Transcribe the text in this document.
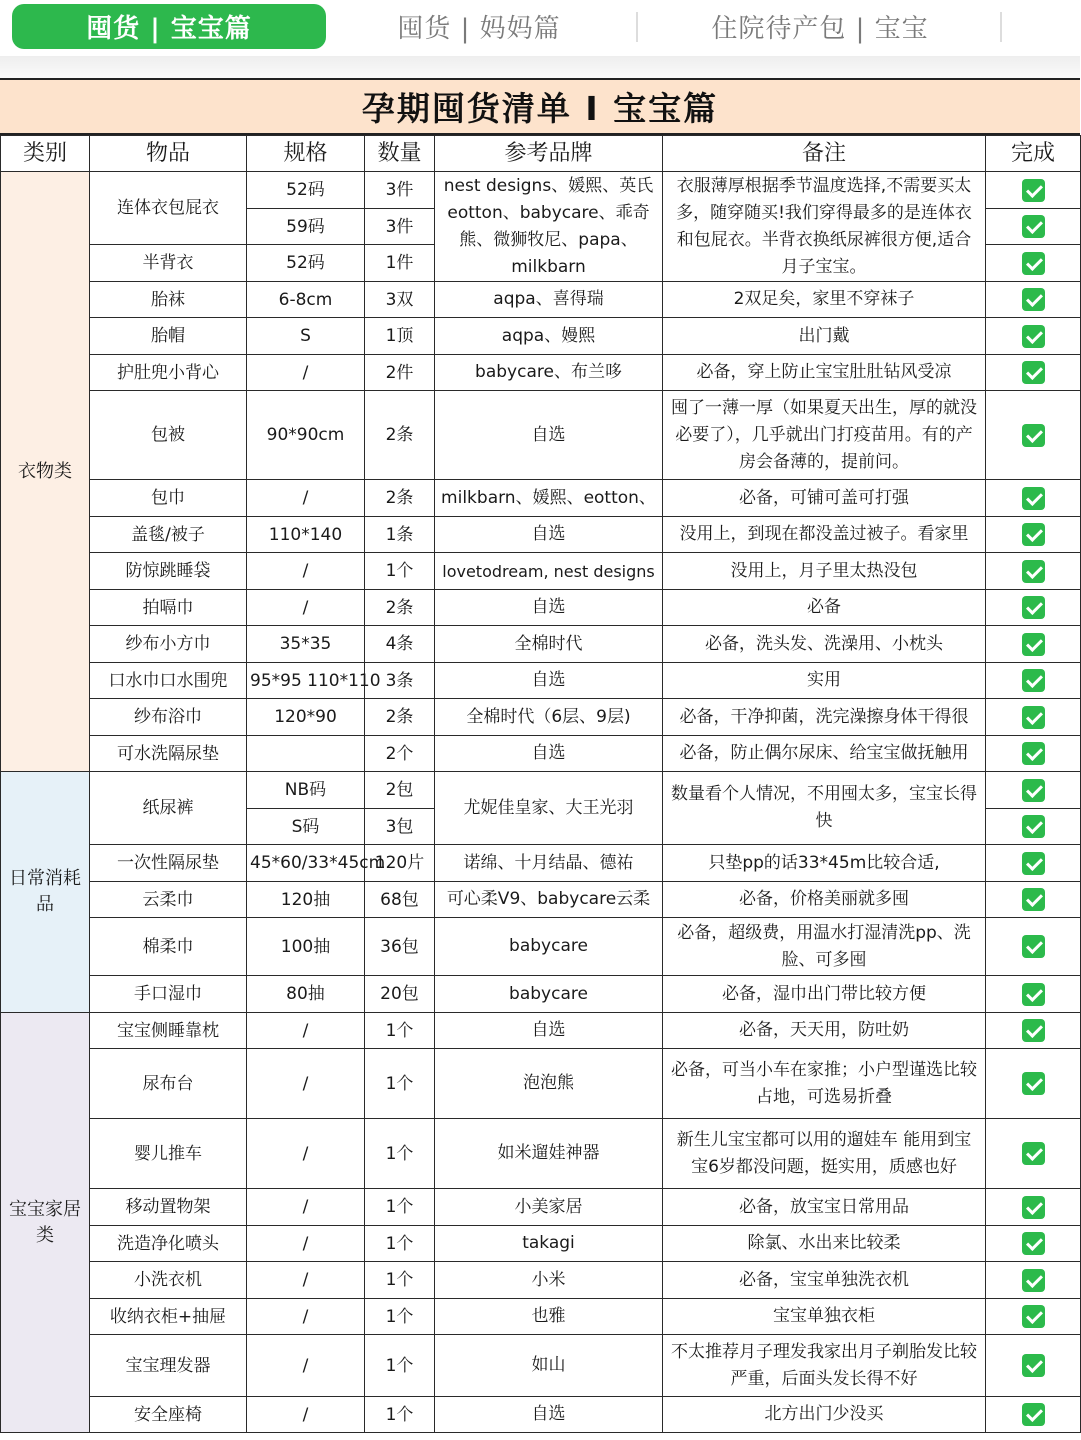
囤货 | 宝宝篇	囤货 | 妈妈篇	住院待产包 | 宝宝
孕期囤货清单 I 宝宝篇
类别	物品	规格	数量	参考品牌	备注	完成
衣物类	连体衣包屁衣	52码	3件	nest designs、媛熙、英氏eotton、babycare、乖奇熊、微狮牧尼、papa、milkbarn	衣服薄厚根据季节温度选择,不需要买太多，随穿随买!我们穿得最多的是连体衣和包屁衣。半背衣换纸尿裤很方便,适合月子宝宝。	
		59码	3件			
	半背衣	52码	1件			
	胎袜	6-8cm	3双	aqpa、喜得瑞	2双足矣，家里不穿袜子	
	胎帽	S	1顶	aqpa、嫚熙	出门戴	
	护肚兜小背心	/	2件	babycare、布兰哆	必备，穿上防止宝宝肚肚钻风受凉	
	包被	90*90cm	2条	自选	囤了一薄一厚（如果夏天出生，厚的就没必要了），几乎就出门打疫苗用。有的产房会备薄的，提前问。	
	包巾	/	2条	milkbarn、媛熙、eotton、	必备，可铺可盖可打强	
	盖毯/被子	110*140	1条	自选	没用上，到现在都没盖过被子。看家里	

	防惊跳睡袋	/	1个	lovetodream, nest designs	没用上，月子里太热没包	
	拍嗝巾	/	2条	自选	必备	
	纱布小方巾	35*35	4条	全棉时代	必备，洗头发、洗澡用、小枕头	
	口水巾口水围兜	95*95 110*110	3条	自选	实用	
	纱布浴巾	120*90	2条	全棉时代（6层、9层)	必备，干净抑菌，洗完澡擦身体干得很	

	可水洗隔尿垫		2个	自选	必备，防止偶尔尿床、给宝宝做抚触用	
日常消耗品	纸尿裤	NB码	2包	尤妮佳皇家、大王光羽	数量看个人情况，不用囤太多，宝宝长得快	
		S码	3包			
	一次性隔尿垫	45*60/33*45cm	120片	诺绵、十月结晶、德祐	只垫pp的话33*45m比较合适,	

	云柔巾	120抽	68包	可心柔V9、babycare云柔	必备，价格美丽就多囤	
	棉柔巾	100抽	36包	babycare	必备，超级费，用温水打湿清洗pp、洗脸、可多囤	
	手口湿巾	80抽	20包	babycare	必备，湿巾出门带比较方便	
宝宝家居类	宝宝侧睡靠枕	/	1个	自选	必备，天天用，防吐奶	
	尿布台	/	1个	泡泡熊	必备，可当小车在家推；小户型谨选比较占地，可选易折叠	
	婴儿推车	/	1个	如米遛娃神器	新生儿宝宝都可以用的遛娃车 能用到宝宝6岁都没问题，挺实用，质感也好	
	移动置物架	/	1个	小美家居	必备，放宝宝日常用品	
	洗造净化喷头	/	1个	takagi	除氯、水出来比较柔	
	小洗衣机	/	1个	小米	必备，宝宝单独洗衣机	
	收纳衣柜+抽屉	/	1个	也雅	宝宝单独衣柜	
	宝宝理发器	/	1个	如山	不太推荐月子理发我家出月子剃胎发比较严重，后面头发长得不好	
	安全座椅	/	1个	自选	北方出门少没买	
